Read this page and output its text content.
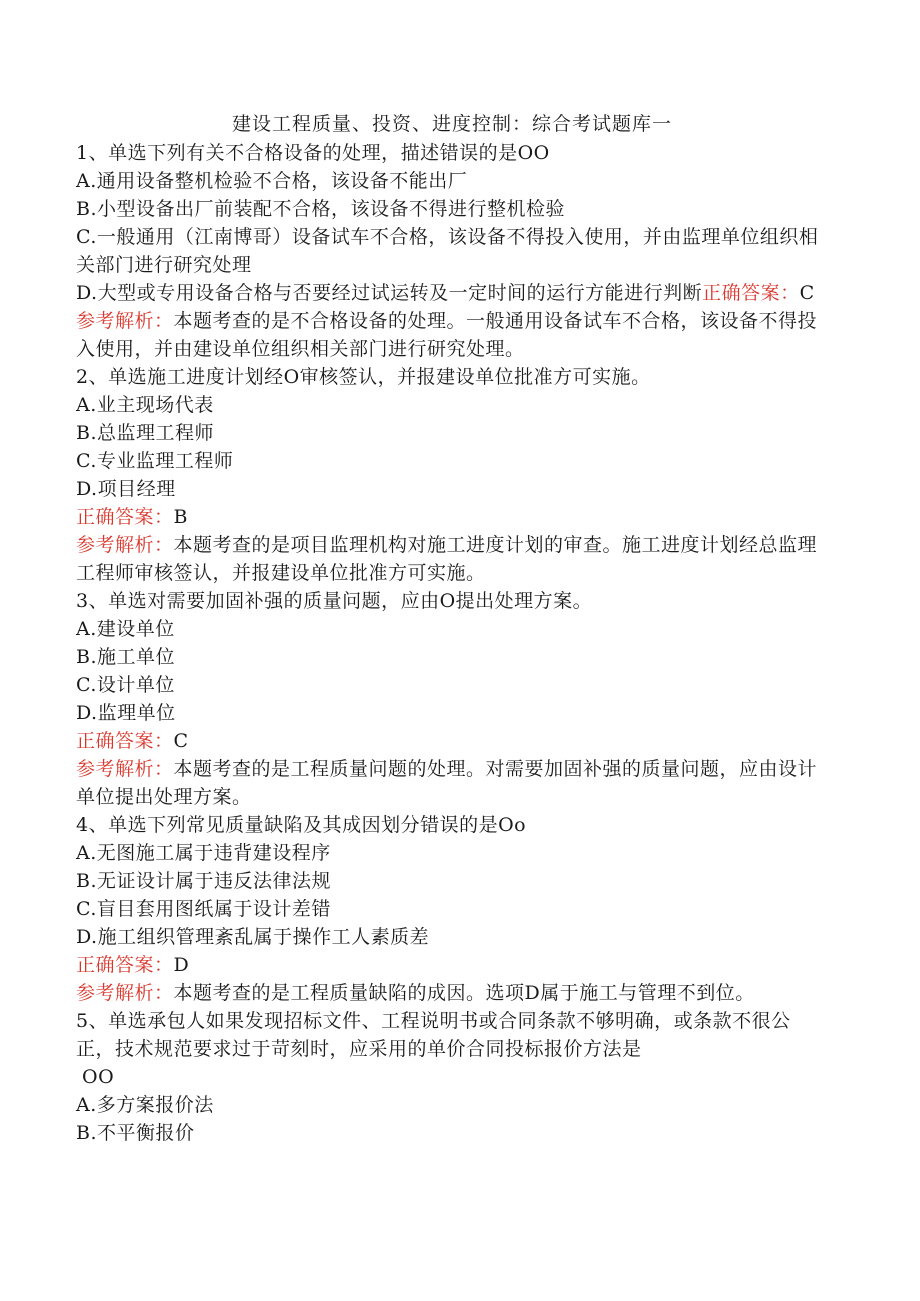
建设工程质量、投资、进度控制：综合考试题库一

1、单选下列有关不合格设备的处理，描述错误的是OO

A.通用设备整机检验不合格，该设备不能出厂

B.小型设备出厂前装配不合格，该设备不得进行整机检验

C.一般通用（江南博哥）设备试车不合格，该设备不得投入使用，并由监理单位组织相关部门进行研究处理

D.大型或专用设备合格与否要经过试运转及一定时间的运行方能进行判断正确答案：C

参考解析：本题考查的是不合格设备的处理。一般通用设备试车不合格，该设备不得投入使用，并由建设单位组织相关部门进行研究处理。

2、单选施工进度计划经O审核签认，并报建设单位批准方可实施。

A.业主现场代表

B.总监理工程师

C.专业监理工程师

D.项目经理

正确答案：B

参考解析：本题考查的是项目监理机构对施工进度计划的审查。施工进度计划经总监理工程师审核签认，并报建设单位批准方可实施。

3、单选对需要加固补强的质量问题，应由O提出处理方案。

A.建设单位

B.施工单位

C.设计单位

D.监理单位

正确答案：C

参考解析：本题考查的是工程质量问题的处理。对需要加固补强的质量问题，应由设计单位提出处理方案。

4、单选下列常见质量缺陷及其成因划分错误的是Oo

A.无图施工属于违背建设程序

B.无证设计属于违反法律法规

C.盲目套用图纸属于设计差错

D.施工组织管理紊乱属于操作工人素质差

正确答案：D

参考解析：本题考查的是工程质量缺陷的成因。选项D属于施工与管理不到位。

5、单选承包人如果发现招标文件、工程说明书或合同条款不够明确，或条款不很公正，技术规范要求过于苛刻时，应采用的单价合同投标报价方法是

OO

A.多方案报价法

B.不平衡报价
